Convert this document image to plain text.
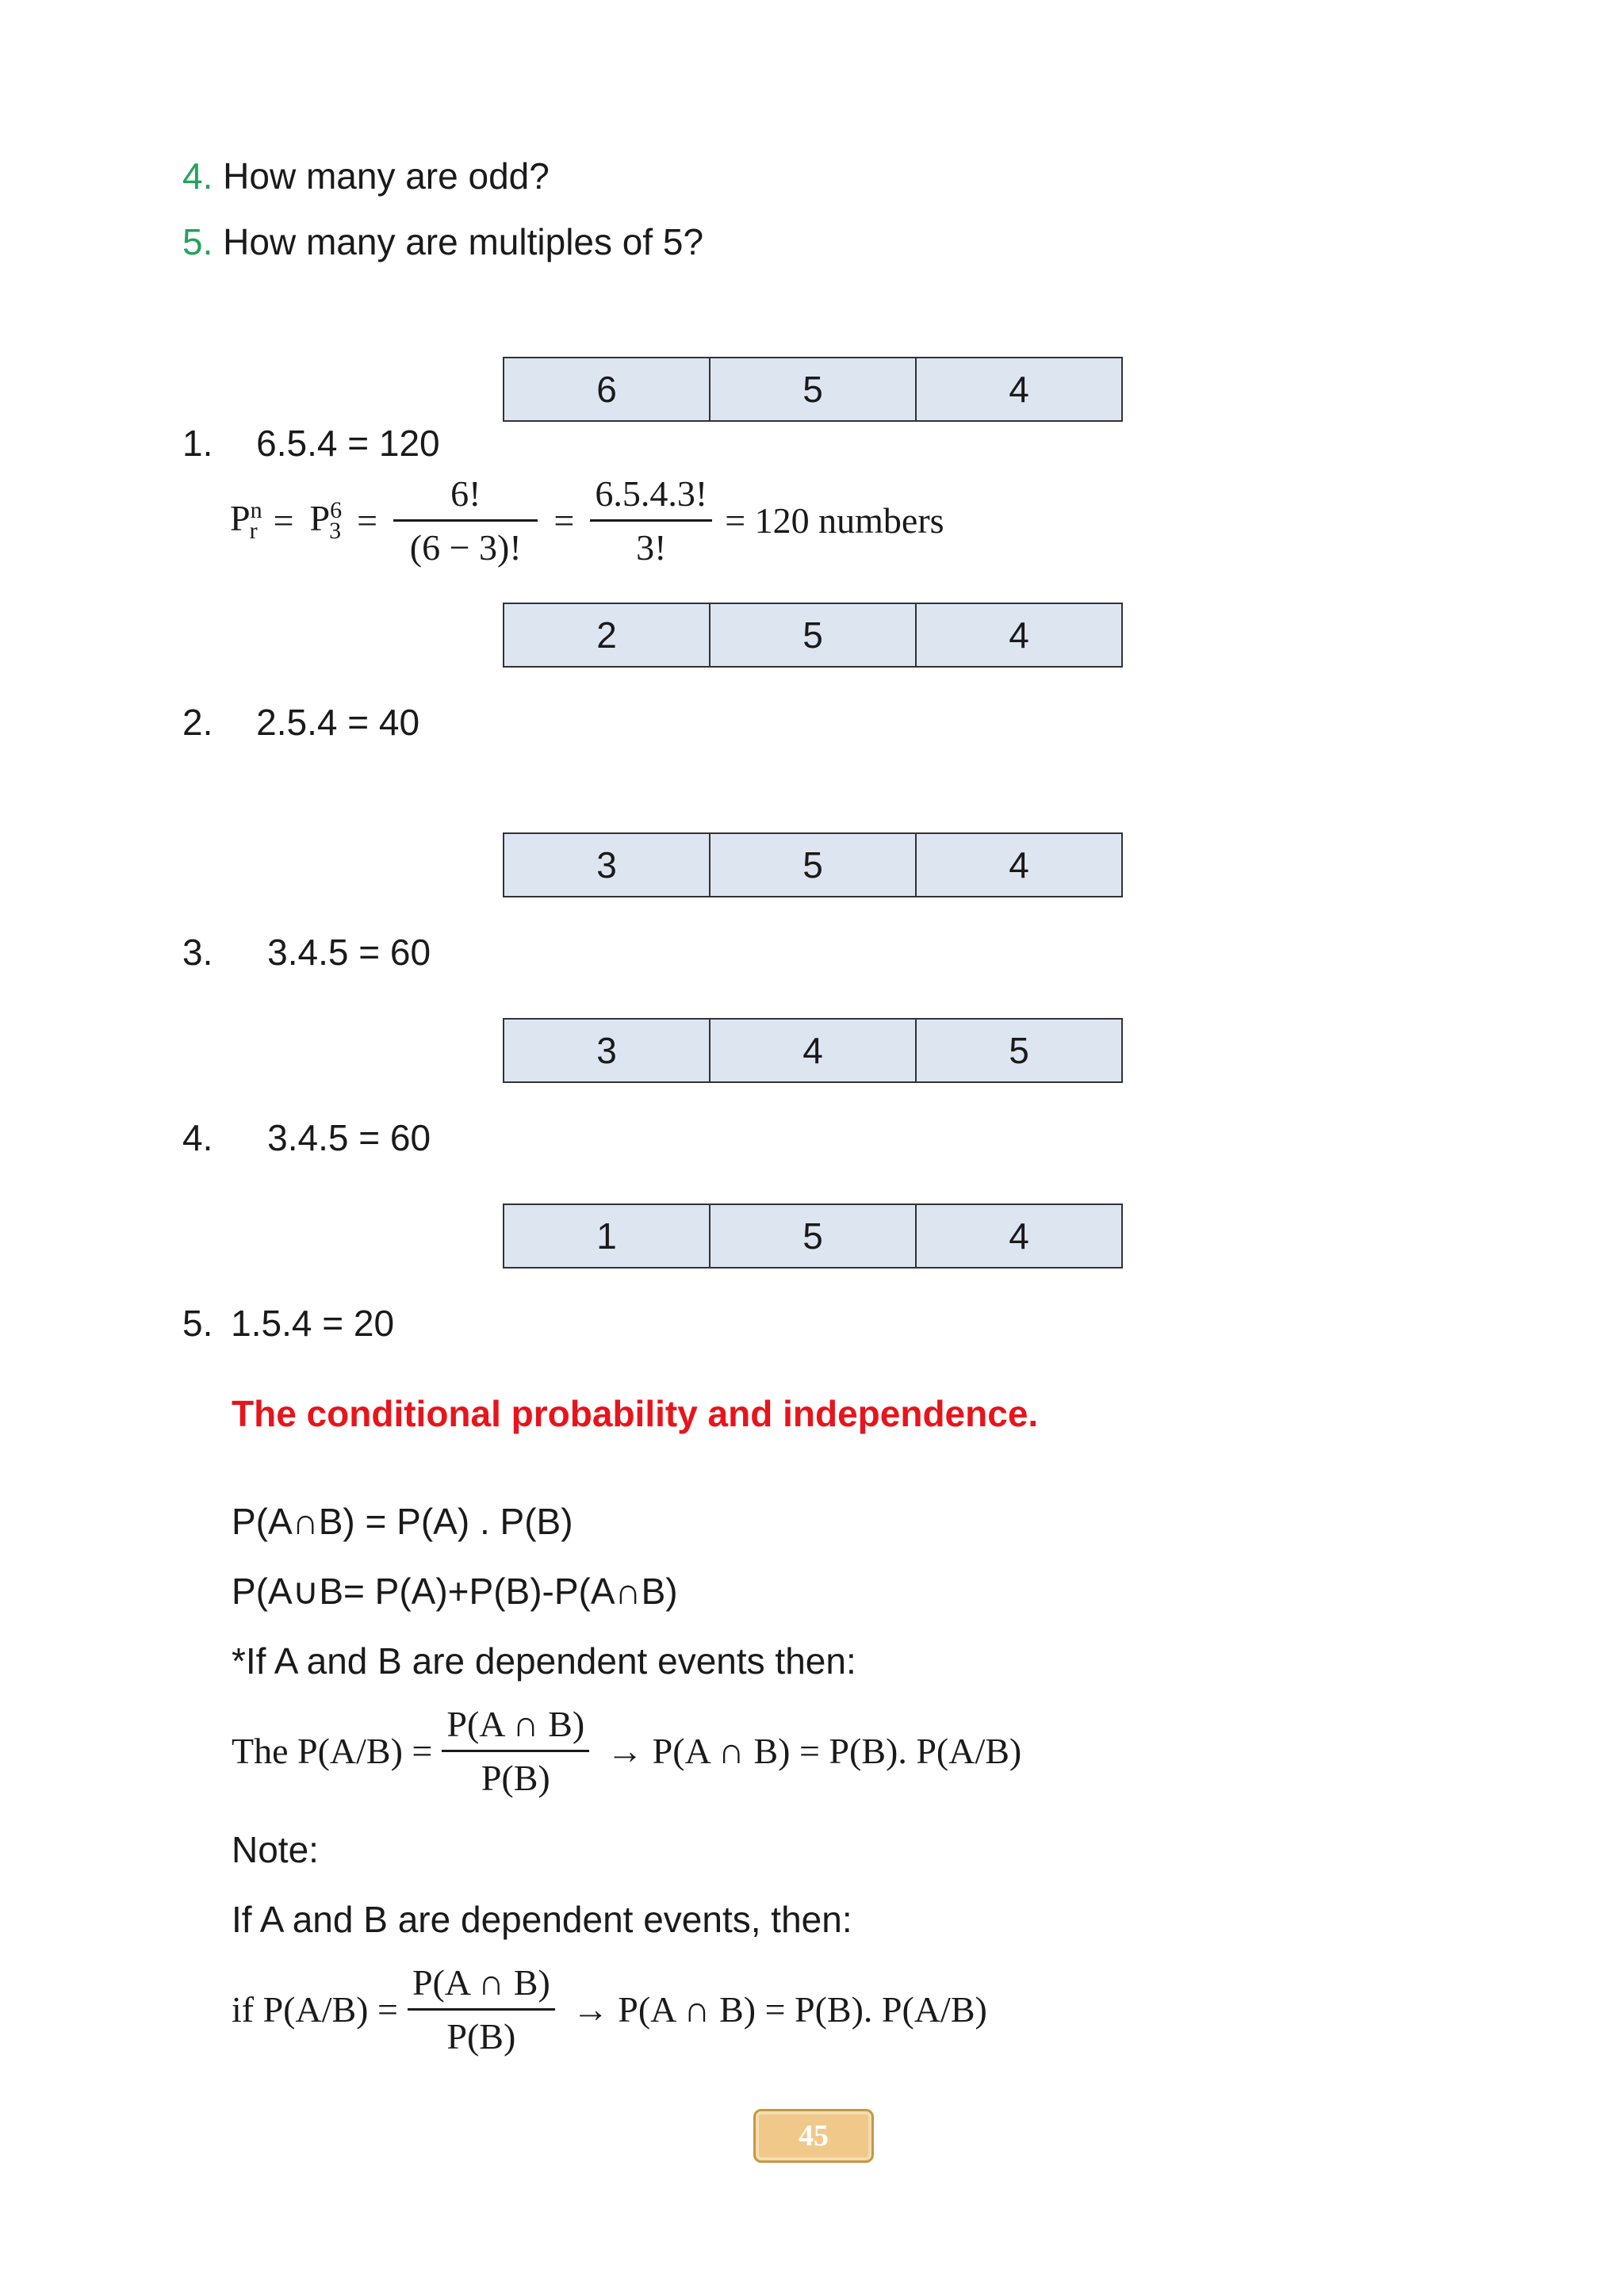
4. How many are odd?
5. How many are multiples of 5?
6	5	4
1. 6.5.4 = 120
$P^n_r = P^6_3 = \frac{6!}{(6 - 3)!} = \frac{6.5.4.3!}{3!} = 120$ numbers
2	5	4
2. 2.5.4 = 40
3	5	4
3. 3.4.5 = 60
3	4	5
4. 3.4.5 = 60
1	5	4
5. 1.5.4 = 20
The conditional probability and independence.
P(A∩B) = P(A) . P(B)
P(A∪B= P(A)+P(B)-P(A∩B)
*If A and B are dependent events then:
The $P(A/B) = \frac{P(A \cap B)}{P(B)} \to P(A$ ∩ B) = P(B). P(A/B)
Note:
If A and B are dependent events, then:
if $P(A/B) = \frac{P(A \cap B)}{P(B)} \to P(A$ ∩ B) = P(B). P(A/B)
45
